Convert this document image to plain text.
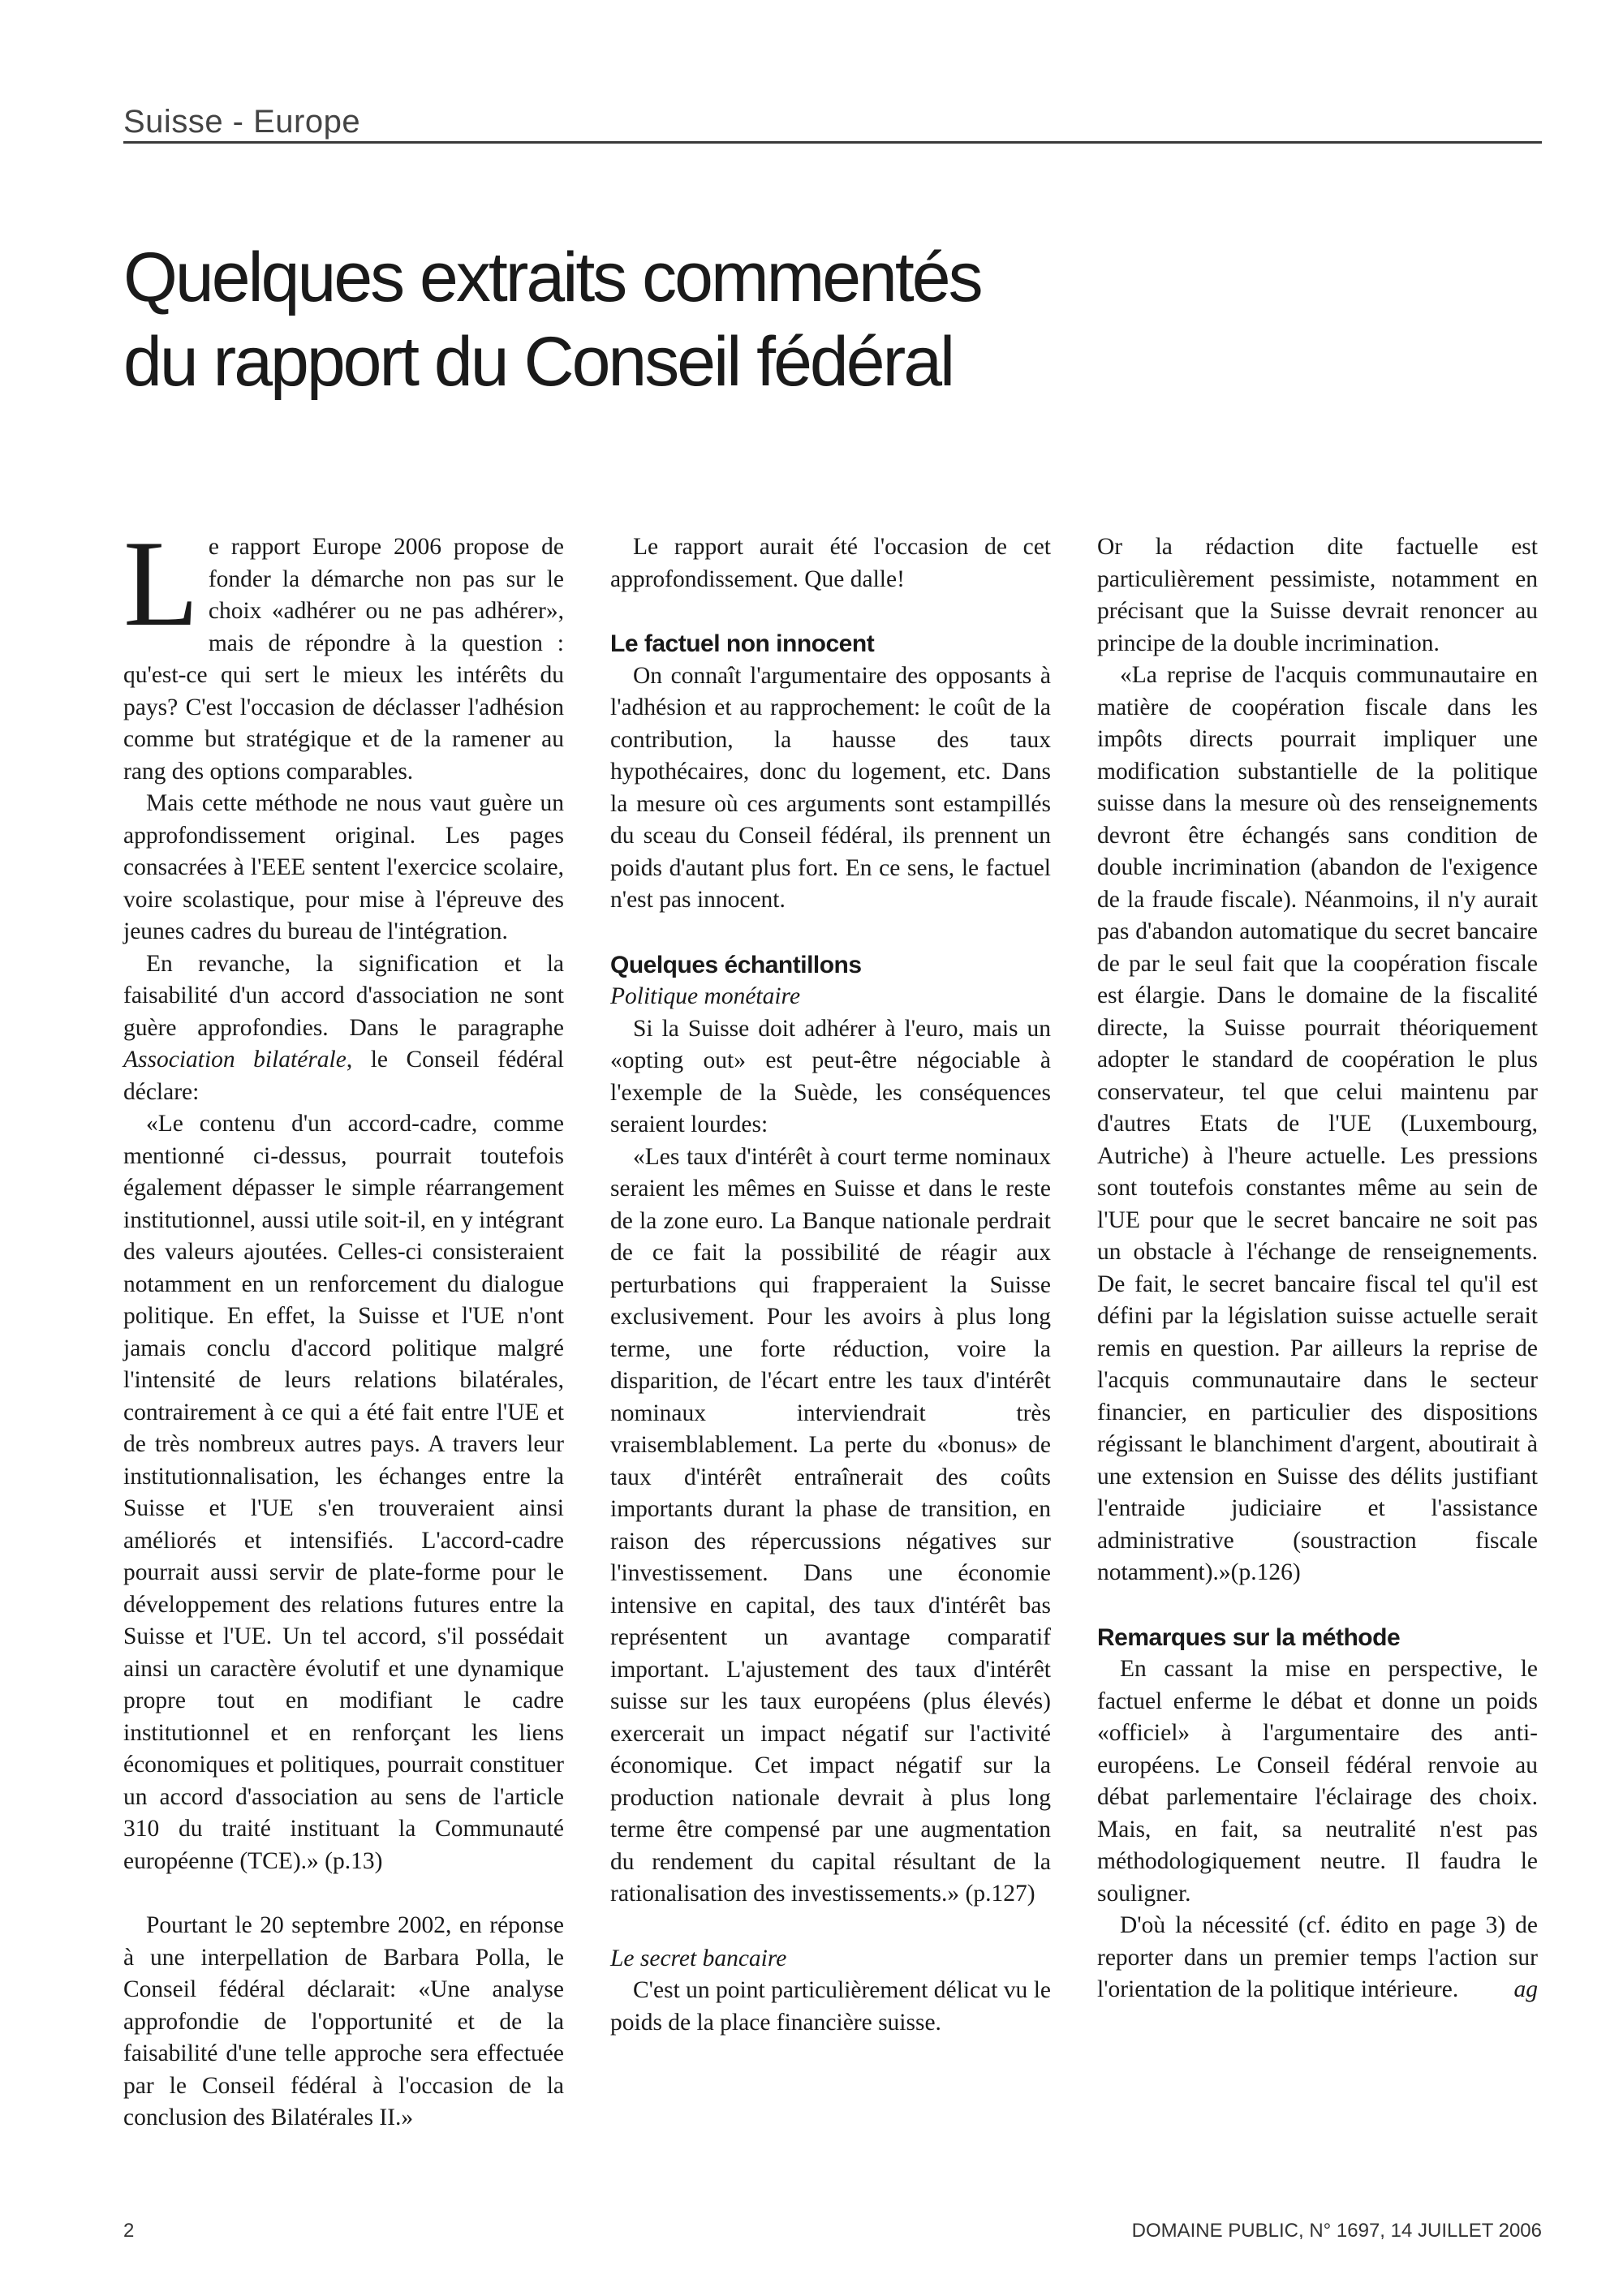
Suisse - Europe
Quelques extraits commentés
du rapport du Conseil fédéral

Le rapport Europe 2006 propose de fonder la démarche non pas sur le choix «adhérer ou ne pas adhérer», mais de répondre à la question : qu'est-ce qui sert le mieux les intérêts du pays? C'est l'occasion de déclasser l'adhésion comme but stratégique et de la ramener au rang des options comparables.

Mais cette méthode ne nous vaut guère un approfondissement original. Les pages consacrées à l'EEE sentent l'exercice scolaire, voire scolastique, pour mise à l'épreuve des jeunes cadres du bureau de l'intégration.

En revanche, la signification et la faisabilité d'un accord d'association ne sont guère approfondies. Dans le paragraphe Association bilatérale, le Conseil fédéral déclare:

«Le contenu d'un accord-cadre, comme mentionné ci-dessus, pourrait toutefois également dépasser le simple réarrangement institutionnel, aussi utile soit-il, en y intégrant des valeurs ajoutées. Celles-ci consisteraient notamment en un renforcement du dialogue politique. En effet, la Suisse et l'UE n'ont jamais conclu d'accord politique malgré l'intensité de leurs relations bilatérales, contrairement à ce qui a été fait entre l'UE et de très nombreux autres pays. A travers leur institutionnalisation, les échanges entre la Suisse et l'UE s'en trouveraient ainsi améliorés et intensifiés. L'accord-cadre pourrait aussi servir de plate-forme pour le développement des relations futures entre la Suisse et l'UE. Un tel accord, s'il possédait ainsi un caractère évolutif et une dynamique propre tout en modifiant le cadre institutionnel et en renforçant les liens économiques et politiques, pourrait constituer un accord d'association au sens de l'article 310 du traité instituant la Communauté européenne (TCE).» (p.13)

Pourtant le 20 septembre 2002, en réponse à une interpellation de Barbara Polla, le Conseil fédéral déclarait: «Une analyse approfondie de l'opportunité et de la faisabilité d'une telle approche sera effectuée par le Conseil fédéral à l'occasion de la conclusion des Bilatérales II.»

Le rapport aurait été l'occasion de cet approfondissement. Que dalle!

Le factuel non innocent

On connaît l'argumentaire des opposants à l'adhésion et au rapprochement: le coût de la contribution, la hausse des taux hypothécaires, donc du logement, etc. Dans la mesure où ces arguments sont estampillés du sceau du Conseil fédéral, ils prennent un poids d'autant plus fort. En ce sens, le factuel n'est pas innocent.

Quelques échantillons
Politique monétaire

Si la Suisse doit adhérer à l'euro, mais un «opting out» est peut-être négociable à l'exemple de la Suède, les conséquences seraient lourdes:

«Les taux d'intérêt à court terme nominaux seraient les mêmes en Suisse et dans le reste de la zone euro. La Banque nationale perdrait de ce fait la possibilité de réagir aux perturbations qui frapperaient la Suisse exclusivement. Pour les avoirs à plus long terme, une forte réduction, voire la disparition, de l'écart entre les taux d'intérêt nominaux interviendrait très vraisemblablement. La perte du «bonus» de taux d'intérêt entraînerait des coûts importants durant la phase de transition, en raison des répercussions négatives sur l'investissement. Dans une économie intensive en capital, des taux d'intérêt bas représentent un avantage comparatif important. L'ajustement des taux d'intérêt suisse sur les taux européens (plus élevés) exercerait un impact négatif sur l'activité économique. Cet impact négatif sur la production nationale devrait à plus long terme être compensé par une augmentation du rendement du capital résultant de la rationalisation des investissements.» (p.127)

Le secret bancaire

C'est un point particulièrement délicat vu le poids de la place financière suisse.

Or la rédaction dite factuelle est particulièrement pessimiste, notamment en précisant que la Suisse devrait renoncer au principe de la double incrimination.

«La reprise de l'acquis communautaire en matière de coopération fiscale dans les impôts directs pourrait impliquer une modification substantielle de la politique suisse dans la mesure où des renseignements devront être échangés sans condition de double incrimination (abandon de l'exigence de la fraude fiscale). Néanmoins, il n'y aurait pas d'abandon automatique du secret bancaire de par le seul fait que la coopération fiscale est élargie. Dans le domaine de la fiscalité directe, la Suisse pourrait théoriquement adopter le standard de coopération le plus conservateur, tel que celui maintenu par d'autres Etats de l'UE (Luxembourg, Autriche) à l'heure actuelle. Les pressions sont toutefois constantes même au sein de l'UE pour que le secret bancaire ne soit pas un obstacle à l'échange de renseignements. De fait, le secret bancaire fiscal tel qu'il est défini par la législation suisse actuelle serait remis en question. Par ailleurs la reprise de l'acquis communautaire dans le secteur financier, en particulier des dispositions régissant le blanchiment d'argent, aboutirait à une extension en Suisse des délits justifiant l'entraide judiciaire et l'assistance administrative (soustraction fiscale notamment).»(p.126)

Remarques sur la méthode

En cassant la mise en perspective, le factuel enferme le débat et donne un poids «officiel» à l'argumentaire des anti-européens. Le Conseil fédéral renvoie au débat parlementaire l'éclairage des choix. Mais, en fait, sa neutralité n'est pas méthodologiquement neutre. Il faudra le souligner.

D'où la nécessité (cf. édito en page 3) de reporter dans un premier temps l'action sur l'orientation de la politique intérieure.	ag

2	DOMAINE PUBLIC, N° 1697, 14 JUILLET 2006
